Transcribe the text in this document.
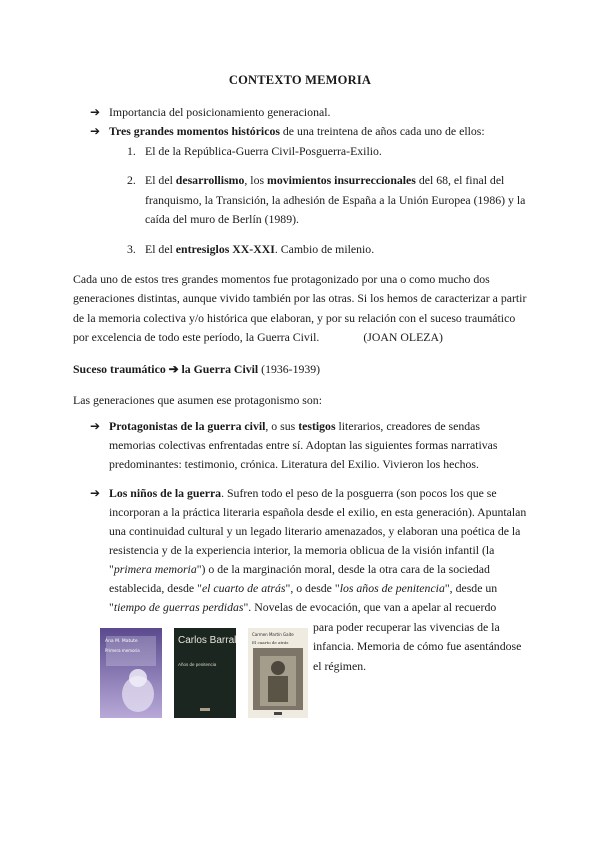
CONTEXTO MEMORIA
➔ Importancia del posicionamiento generacional.
➔ Tres grandes momentos históricos de una treintena de años cada uno de ellos:
1. El de la República-Guerra Civil-Posguerra-Exilio.
2. El del desarrollismo, los movimientos insurreccionales del 68, el final del franquismo, la Transición, la adhesión de España a la Unión Europea (1986) y la caída del muro de Berlín (1989).
3. El del entresiglos XX-XXI. Cambio de milenio.
Cada uno de estos tres grandes momentos fue protagonizado por una o como mucho dos generaciones distintas, aunque vivido también por las otras. Si los hemos de caracterizar a partir de la memoria colectiva y/o histórica que elaboran, y por su relación con el suceso traumático por excelencia de todo este período, la Guerra Civil.	(JOAN OLEZA)
Suceso traumático ➔ la Guerra Civil (1936-1939)
Las generaciones que asumen ese protagonismo son:
➔ Protagonistas de la guerra civil, o sus testigos literarios, creadores de sendas memorias colectivas enfrentadas entre sí. Adoptan las siguientes formas narrativas predominantes: testimonio, crónica. Literatura del Exilio. Vivieron los hechos.
➔ Los niños de la guerra. Sufren todo el peso de la posguerra (son pocos los que se incorporan a la práctica literaria española desde el exilio, en esta generación). Apuntalan una continuidad cultural y un legado literario amenazados, y elaboran una poética de la resistencia y de la experiencia interior, la memoria oblicua de la visión infantil (la "primera memoria") o de la marginación moral, desde la otra cara de la sociedad establecida, desde "el cuarto de atrás", o desde "los años de penitencia", desde un "tiempo de guerras perdidas". Novelas de evocación, que van a apelar al recuerdo
para poder recuperar las vivencias de la infancia. Memoria de cómo fue asentándose el régimen.
Ana M. Matute
Primera memoria
Carlos Barral
Años de penitencia
Carmen Martín Gaite
El cuarto de atrás
